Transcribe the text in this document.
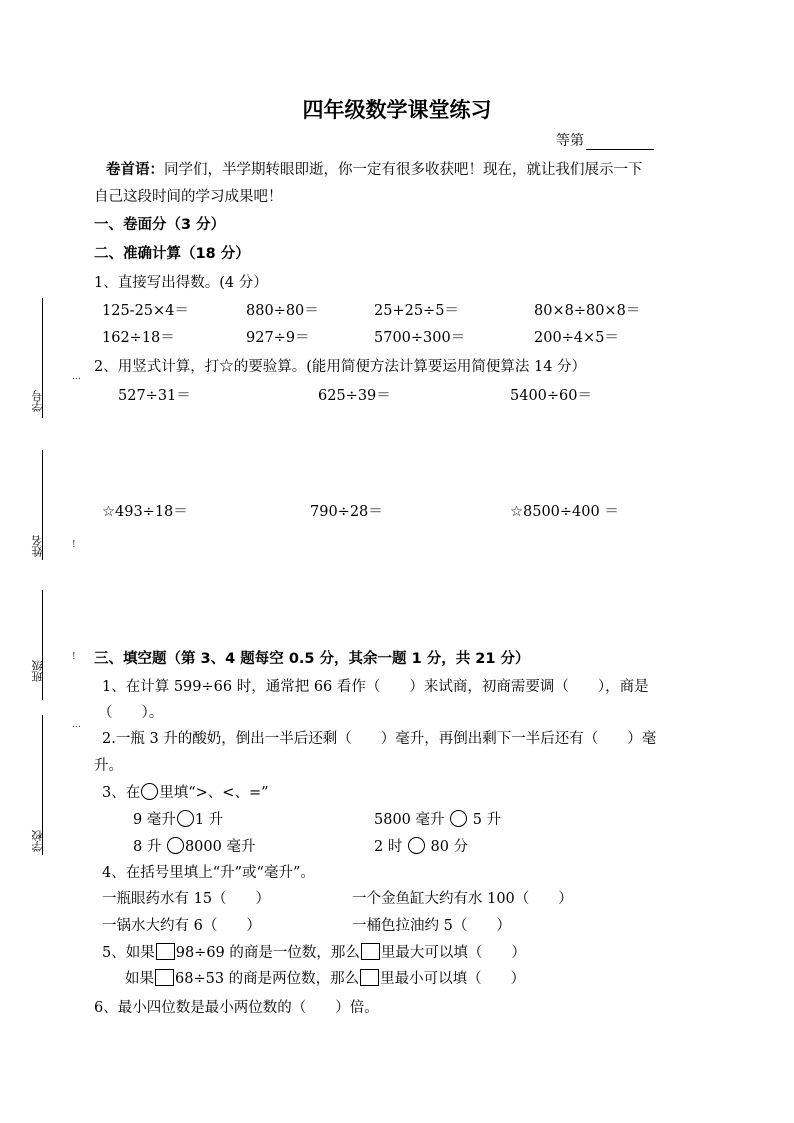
学号
姓名
班级
学校
…
!
!
…
四年级数学课堂练习
等第
卷首语：同学们，半学期转眼即逝，你一定有很多收获吧！现在，就让我们展示一下
自己这段时间的学习成果吧！
一、卷面分（3 分）
二、准确计算（18 分）
1、直接写出得数。(4 分）
125-25×4＝	880÷80＝	25+25÷5＝	80×8÷80×8＝
162÷18＝	927÷9＝	5700÷300＝	200÷4×5＝
2、用竖式计算，打☆的要验算。(能用简便方法计算要运用简便算法 14 分）
527÷31＝	625÷39＝	5400÷60＝
☆493÷18＝	790÷28＝	☆8500÷400 ＝
三、填空题（第 3、4 题每空 0.5 分，其余一题 1 分，共 21 分）
1、在计算 599÷66 时，通常把 66 看作（　　）来试商，初商需要调（　　），商是
（　　）。
2.一瓶 3 升的酸奶，倒出一半后还剩（　　）毫升，再倒出剩下一半后还有（　　）毫
升。
3、在 里填“>、<、=”
9 毫升 1 升	5800 毫升  5 升
8 升 8000 毫升	2 时  80 分
4、在括号里填上“升”或“毫升”。
一瓶眼药水有 15（　　）	一个金鱼缸大约有水 100（　　）
一锅水大约有 6（　　）	一桶色拉油约 5（　　）
5、如果 98÷69 的商是一位数，那么 里最大可以填（　　）
如果 68÷53 的商是两位数，那么 里最小可以填（　　）
6、最小四位数是最小两位数的（　　）倍。
